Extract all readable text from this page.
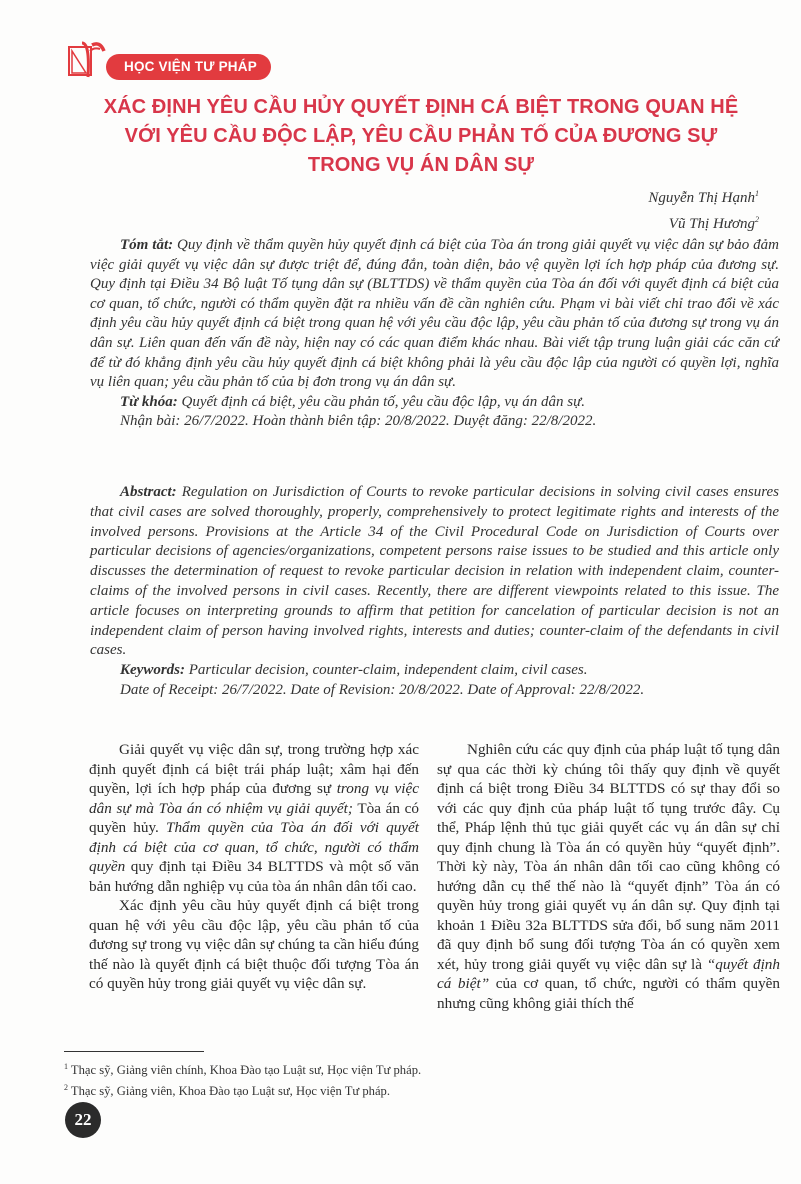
HỌC VIỆN TƯ PHÁP
XÁC ĐỊNH YÊU CẦU HỦY QUYẾT ĐỊNH CÁ BIỆT TRONG QUAN HỆ
VỚI YÊU CẦU ĐỘC LẬP, YÊU CẦU PHẢN TỐ CỦA ĐƯƠNG SỰ
TRONG VỤ ÁN DÂN SỰ
Nguyễn Thị Hạnh$^1$
Vũ Thị Hương$^2$

Tóm tắt: Quy định về thẩm quyền hủy quyết định cá biệt của Tòa án trong giải quyết vụ việc dân sự bảo đảm việc giải quyết vụ việc dân sự được triệt để, đúng đắn, toàn diện, bảo vệ quyền lợi ích hợp pháp của đương sự. Quy định tại Điều 34 Bộ luật Tố tụng dân sự (BLTTDS) về thẩm quyền của Tòa án đối với quyết định cá biệt của cơ quan, tổ chức, người có thẩm quyền đặt ra nhiều vấn đề cần nghiên cứu. Phạm vi bài viết chỉ trao đổi về xác định yêu cầu hủy quyết định cá biệt trong quan hệ với yêu cầu độc lập, yêu cầu phản tố của đương sự trong vụ án dân sự. Liên quan đến vấn đề này, hiện nay có các quan điểm khác nhau. Bài viết tập trung luận giải các căn cứ để từ đó khẳng định yêu cầu hủy quyết định cá biệt không phải là yêu cầu độc lập của người có quyền lợi, nghĩa vụ liên quan; yêu cầu phản tố của bị đơn trong vụ án dân sự.

Từ khóa: Quyết định cá biệt, yêu cầu phản tố, yêu cầu độc lập, vụ án dân sự.

Nhận bài: 26/7/2022. Hoàn thành biên tập: 20/8/2022. Duyệt đăng: 22/8/2022.

Abstract: Regulation on Jurisdiction of Courts to revoke particular decisions in solving civil cases ensures that civil cases are solved thoroughly, properly, comprehensively to protect legitimate rights and interests of the involved persons. Provisions at the Article 34 of the Civil Procedural Code on Jurisdiction of Courts over particular decisions of agencies/organizations, competent persons raise issues to be studied and this article only discusses the determination of request to revoke particular decision in relation with independent claim, counter-claims of the involved persons in civil cases. Recently, there are different viewpoints related to this issue. The article focuses on interpreting grounds to affirm that petition for cancelation of particular decision is not an independent claim of person having involved rights, interests and duties; counter-claim of the defendants in civil cases.

Keywords: Particular decision, counter-claim, independent claim, civil cases.

Date of Receipt: 26/7/2022. Date of Revision: 20/8/2022. Date of Approval: 22/8/2022.

Giải quyết vụ việc dân sự, trong trường hợp xác định quyết định cá biệt trái pháp luật; xâm hại đến quyền, lợi ích hợp pháp của đương sự trong vụ việc dân sự mà Tòa án có nhiệm vụ giải quyết; Tòa án có quyền hủy. Thẩm quyền của Tòa án đối với quyết định cá biệt của cơ quan, tổ chức, người có thẩm quyền quy định tại Điều 34 BLTTDS và một số văn bản hướng dẫn nghiệp vụ của tòa án nhân dân tối cao.

Xác định yêu cầu hủy quyết định cá biệt trong quan hệ với yêu cầu độc lập, yêu cầu phản tố của đương sự trong vụ việc dân sự chúng ta cần hiểu đúng thế nào là quyết định cá biệt thuộc đối tượng Tòa án có quyền hủy trong giải quyết vụ việc dân sự.

Nghiên cứu các quy định của pháp luật tố tụng dân sự qua các thời kỳ chúng tôi thấy quy định về quyết định cá biệt trong Điều 34 BLTTDS có sự thay đổi so với các quy định của pháp luật tố tụng trước đây. Cụ thể, Pháp lệnh thủ tục giải quyết các vụ án dân sự chỉ quy định chung là Tòa án có quyền hủy “quyết định”. Thời kỳ này, Tòa án nhân dân tối cao cũng không có hướng dẫn cụ thể thế nào là “quyết định” Tòa án có quyền hủy trong giải quyết vụ án dân sự. Quy định tại khoản 1 Điều 32a BLTTDS sửa đổi, bổ sung năm 2011 đã quy định bổ sung đối tượng Tòa án có quyền xem xét, hủy trong giải quyết vụ việc dân sự là “quyết định cá biệt” của cơ quan, tổ chức, người có thẩm quyền nhưng cũng không giải thích thế

$^1$ Thạc sỹ, Giảng viên chính, Khoa Đào tạo Luật sư, Học viện Tư pháp.
$^2$ Thạc sỹ, Giảng viên, Khoa Đào tạo Luật sư, Học viện Tư pháp.
22
